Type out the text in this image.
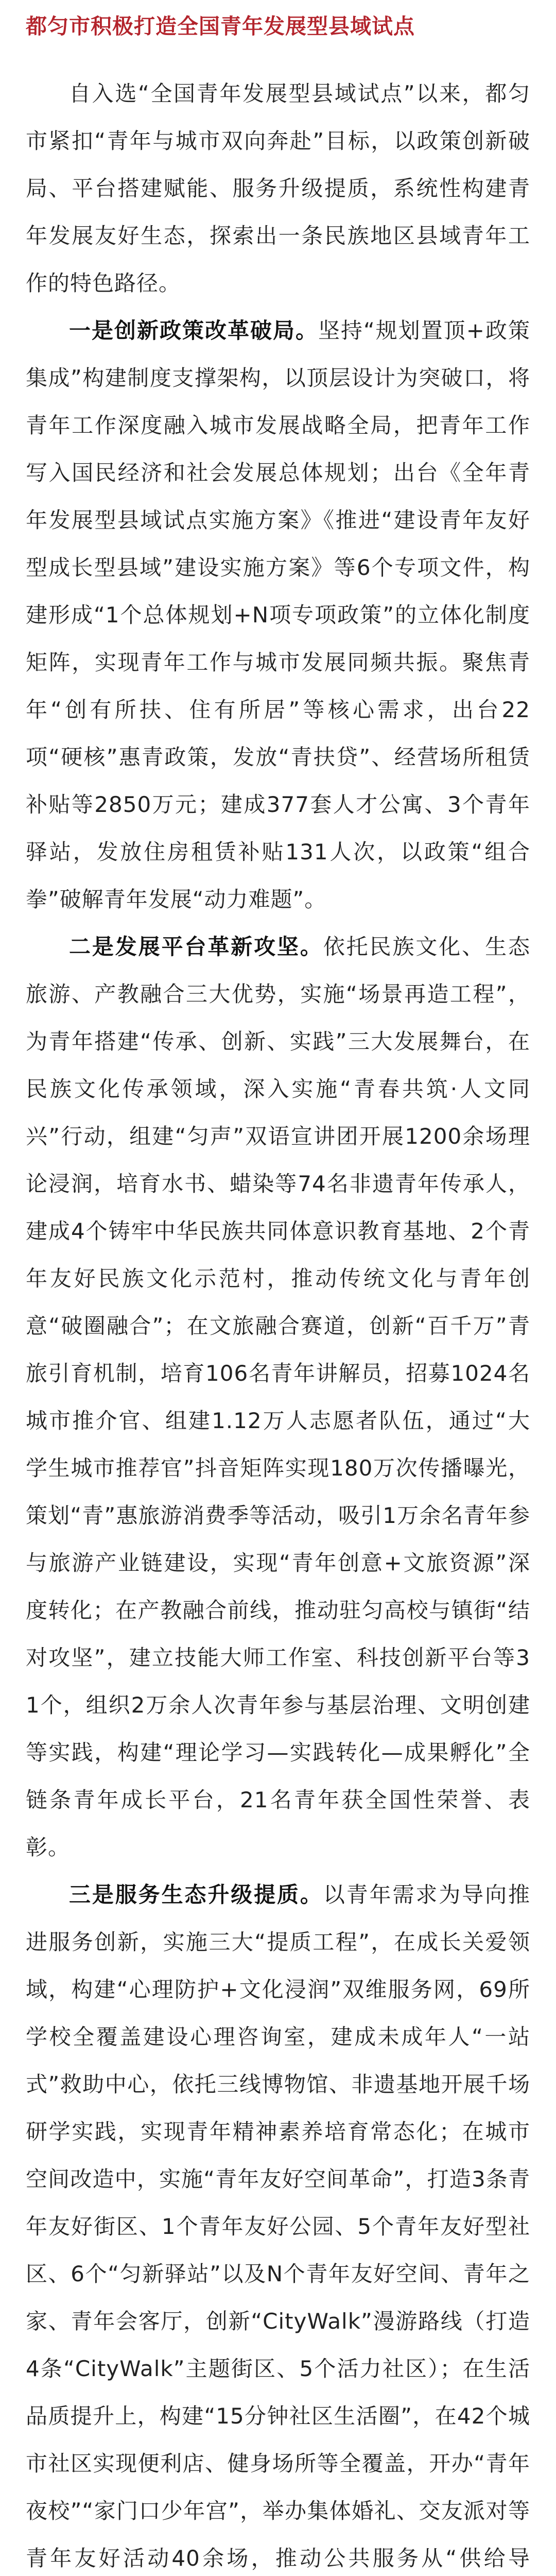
都匀市积极打造全国青年发展型县域试点

自入选“全国青年发展型县域试点”以来，都匀市紧扣“青年与城市双向奔赴”目标，以政策创新破局、平台搭建赋能、服务升级提质，系统性构建青年发展友好生态，探索出一条民族地区县域青年工作的特色路径。

一是创新政策改革破局。坚持“规划置顶+政策集成”构建制度支撑架构，以顶层设计为突破口，将青年工作深度融入城市发展战略全局，把青年工作写入国民经济和社会发展总体规划；出台《全年青年发展型县域试点实施方案》《推进“建设青年友好型成长型县域”建设实施方案》等6个专项文件，构建形成“1个总体规划+N项专项政策”的立体化制度矩阵，实现青年工作与城市发展同频共振。聚焦青年“创有所扶、住有所居”等核心需求，出台22项“硬核”惠青政策，发放“青扶贷”、经营场所租赁补贴等2850万元；建成377套人才公寓、3个青年驿站，发放住房租赁补贴131人次，以政策“组合拳”破解青年发展“动力难题”。

二是发展平台革新攻坚。依托民族文化、生态旅游、产教融合三大优势，实施“场景再造工程”，为青年搭建“传承、创新、实践”三大发展舞台，在民族文化传承领域，深入实施“青春共筑·人文同兴”行动，组建“匀声”双语宣讲团开展1200余场理论浸润，培育水书、蜡染等74名非遗青年传承人，建成4个铸牢中华民族共同体意识教育基地、2个青年友好民族文化示范村，推动传统文化与青年创意“破圈融合”；在文旅融合赛道，创新“百千万”青旅引育机制，培育106名青年讲解员，招募1024名城市推介官、组建1.12万人志愿者队伍，通过“大学生城市推荐官”抖音矩阵实现180万次传播曝光，策划“青”惠旅游消费季等活动，吸引1万余名青年参与旅游产业链建设，实现“青年创意+文旅资源”深度转化；在产教融合前线，推动驻匀高校与镇街“结对攻坚”，建立技能大师工作室、科技创新平台等31个，组织2万余人次青年参与基层治理、文明创建等实践，构建“理论学习—实践转化—成果孵化”全链条青年成长平台，21名青年获全国性荣誉、表彰。

三是服务生态升级提质。以青年需求为导向推进服务创新，实施三大“提质工程”，在成长关爱领域，构建“心理防护+文化浸润”双维服务网，69所学校全覆盖建设心理咨询室，建成未成年人“一站式”救助中心，依托三线博物馆、非遗基地开展千场研学实践，实现青年精神素养培育常态化；在城市空间改造中，实施“青年友好空间革命”，打造3条青年友好街区、1个青年友好公园、5个青年友好型社区、6个“匀新驿站”以及N个青年友好空间、青年之家、青年会客厅，创新“CityWalk”漫游路线（打造4条“CityWalk”主题街区、5个活力社区）；在生活品质提升上，构建“15分钟社区生活圈”，在42个城市社区实现便利店、健身场所等全覆盖，开办“青年夜校”“家门口少年宫”，举办集体婚礼、交友派对等青年友好活动40余场，推动公共服务从“供给导
